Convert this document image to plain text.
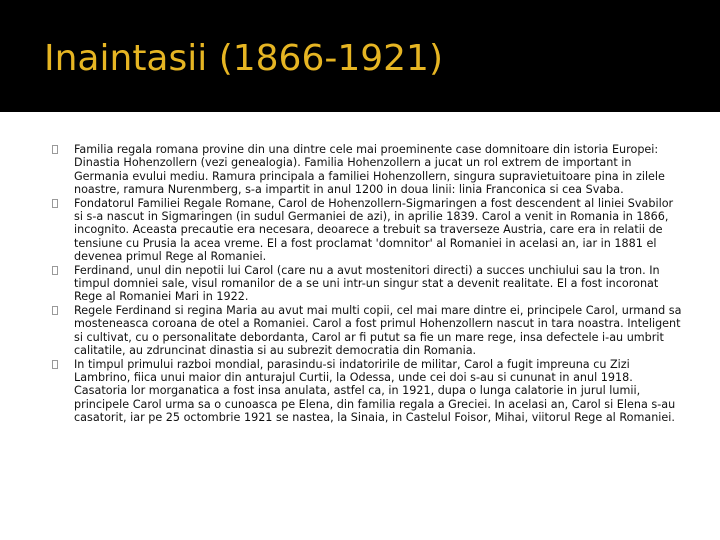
Inaintasii (1866-1921)
Familia regala romana provine din una dintre cele mai proeminente case domnitoare din istoria Europei: Dinastia Hohenzollern (vezi genealogia). Familia Hohenzollern a jucat un rol extrem de important in Germania evului mediu. Ramura principala a familiei Hohenzollern, singura supravietuitoare pina in zilele noastre, ramura Nurenmberg, s-a impartit in anul 1200 in doua linii: linia Franconica si cea Svaba.
Fondatorul Familiei Regale Romane, Carol de Hohenzollern-Sigmaringen a fost descendent al liniei Svabilor si s-a nascut in Sigmaringen (in sudul Germaniei de azi), in aprilie 1839. Carol a venit in Romania in 1866, incognito. Aceasta precautie era necesara, deoarece a trebuit sa traverseze Austria, care era in relatii de tensiune cu Prusia la acea vreme. El a fost proclamat 'domnitor' al Romaniei in acelasi an, iar in 1881 el devenea primul Rege al Romaniei.
Ferdinand, unul din nepotii lui Carol (care nu a avut mostenitori directi) a succes unchiului sau la tron. In timpul domniei sale, visul romanilor de a se uni intr-un singur stat a devenit realitate. El a fost incoronat Rege al Romaniei Mari in 1922.
Regele Ferdinand si regina Maria au avut mai multi copii, cel mai mare dintre ei, principele Carol, urmand sa mosteneasca coroana de otel a Romaniei. Carol a fost primul Hohenzollern nascut in tara noastra. Inteligent si cultivat, cu o personalitate debordanta, Carol ar fi putut sa fie un mare rege, insa defectele i-au umbrit calitatile, au zdruncinat dinastia si au subrezit democratia din Romania.
In timpul primului razboi mondial, parasindu-si indatoririle de militar, Carol a fugit impreuna cu Zizi Lambrino, fiica unui maior din anturajul Curtii, la Odessa, unde cei doi s-au si cununat in anul 1918. Casatoria lor morganatica a fost insa anulata, astfel ca, in 1921, dupa o lunga calatorie in jurul lumii, principele Carol urma sa o cunoasca pe Elena, din familia regala a Greciei. In acelasi an, Carol si Elena s-au casatorit, iar pe 25 octombrie 1921 se nastea, la Sinaia, in Castelul Foisor, Mihai, viitorul Rege al Romaniei.
